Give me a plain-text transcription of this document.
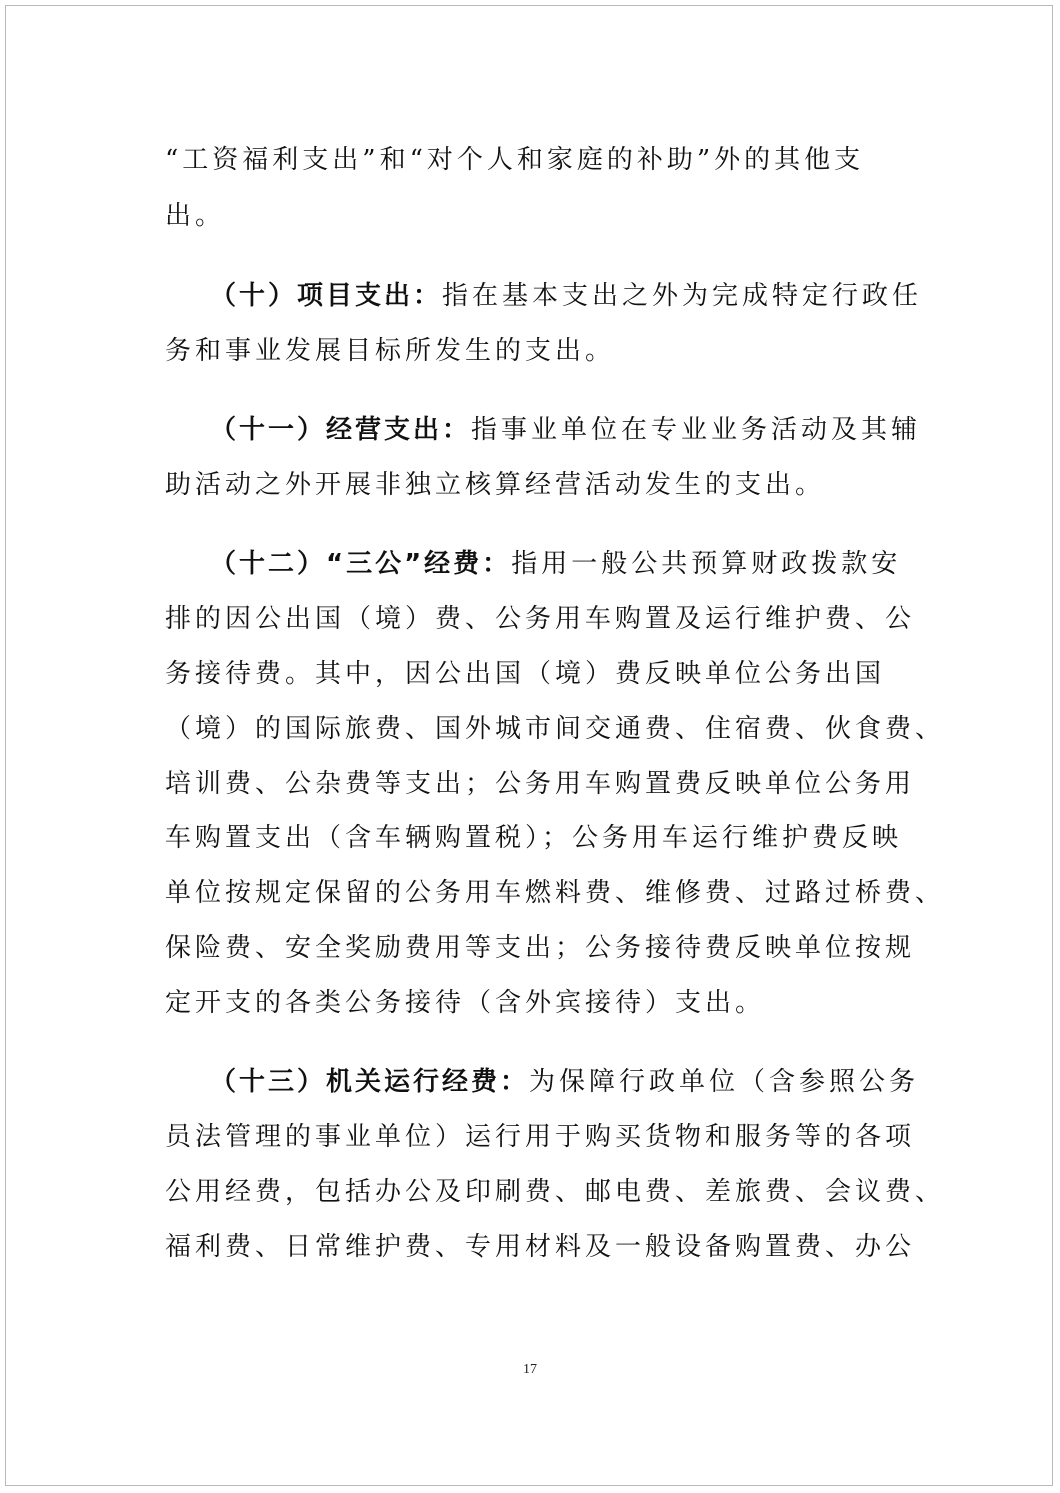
“工资福利支出”和“对个人和家庭的补助”外的其他支
出。
（十）项目支出：指在基本支出之外为完成特定行政任
务和事业发展目标所发生的支出。
（十一）经营支出：指事业单位在专业业务活动及其辅
助活动之外开展非独立核算经营活动发生的支出。
（十二）“三公”经费：指用一般公共预算财政拨款安
排的因公出国（境）费、公务用车购置及运行维护费、公
务接待费。其中，因公出国（境）费反映单位公务出国
（境）的国际旅费、国外城市间交通费、住宿费、伙食费、
培训费、公杂费等支出；公务用车购置费反映单位公务用
车购置支出（含车辆购置税）；公务用车运行维护费反映
单位按规定保留的公务用车燃料费、维修费、过路过桥费、
保险费、安全奖励费用等支出；公务接待费反映单位按规
定开支的各类公务接待（含外宾接待）支出。
（十三）机关运行经费：为保障行政单位（含参照公务
员法管理的事业单位）运行用于购买货物和服务等的各项
公用经费，包括办公及印刷费、邮电费、差旅费、会议费、
福利费、日常维护费、专用材料及一般设备购置费、办公
17
